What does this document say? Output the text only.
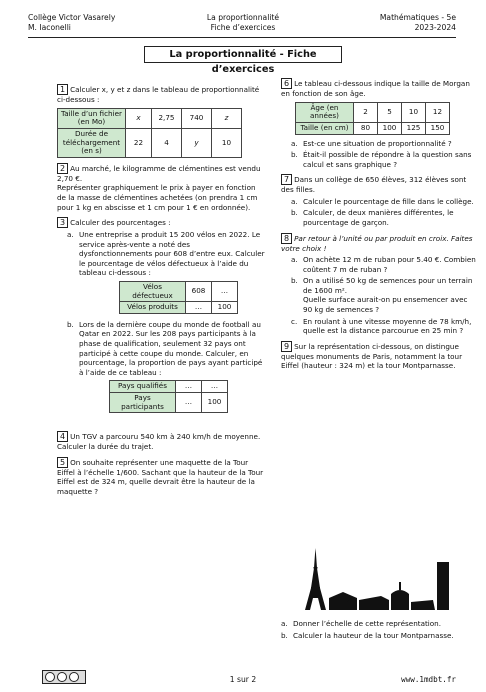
Collège Victor Vasarely
M. Iaconelli
La proportionnalité
Fiche d’exercices
Mathématiques - 5e
2023-2024
La proportionnalité - Fiche d’exercices
1 Calculer x, y et z dans le tableau de proportionnalité ci-dessous :
Taille d’un fichier (en Mo)	x	2,75	740	z
Durée de téléchargement (en s)	22	4	y	10
2 Au marché, le kilogramme de clémentines est vendu 2,70 €.
Représenter graphiquement le prix à payer en fonction de la masse de clémentines achetées (on prendra 1 cm pour 1 kg en abscisse et 1 cm pour 1 € en ordonnée).
3 Calculer des pourcentages :
a. Une entreprise a produit 15 200 vélos en 2022. Le service après-vente a noté des dysfonctionnements pour 608 d’entre eux. Calculer le pourcentage de vélos défectueux à l’aide du tableau ci-dessous :
Vélos défectueux	608	…
Vélos produits	…	100
b. Lors de la dernière coupe du monde de football au Qatar en 2022. Sur les 208 pays participants à la phase de qualification, seulement 32 pays ont participé à cette coupe du monde. Calculer, en pourcentage, la proportion de pays ayant participé à l’aide de ce tableau :
Pays qualifiés	…	…
Pays participants	…	100
4 Un TGV a parcouru 540 km à 240 km/h de moyenne.
Calculer la durée du trajet.
5 On souhaite représenter une maquette de la Tour Eiffel à l’échelle 1/600. Sachant que la hauteur de la Tour Eiffel est de 324 m, quelle devrait être la hauteur de la maquette ?
6 Le tableau ci-dessous indique la taille de Morgan en fonction de son âge.
Âge (en années)	2	5	10	12
Taille (en cm)	80	100	125	150
a. Est-ce une situation de proportionnalité ?
b. Était-il possible de répondre à la question sans calcul et sans graphique ?
7 Dans un collège de 650 élèves, 312 élèves sont des filles.
a. Calculer le pourcentage de fille dans le collège.
b. Calculer, de deux manières différentes, le pourcentage de garçon.
8 Par retour à l’unité ou par produit en croix. Faites votre choix !
a. On achète 12 m de ruban pour 5.40 €. Combien coûtent 7 m de ruban ?
b. On a utilisé 50 kg de semences pour un terrain de 1600 m².
Quelle surface aurait-on pu ensemencer avec 90 kg de semences ?
c. En roulant à une vitesse moyenne de 78 km/h, quelle est la distance parcourue en 25 min ?
9 Sur la représentation ci-dessous, on distingue quelques monuments de Paris, notamment la tour Eiffel (hauteur : 324 m) et la tour Montparnasse.
a. Donner l’échelle de cette représentation.
b. Calculer la hauteur de la tour Montparnasse.
1 sur 2	www.1mdbt.fr
